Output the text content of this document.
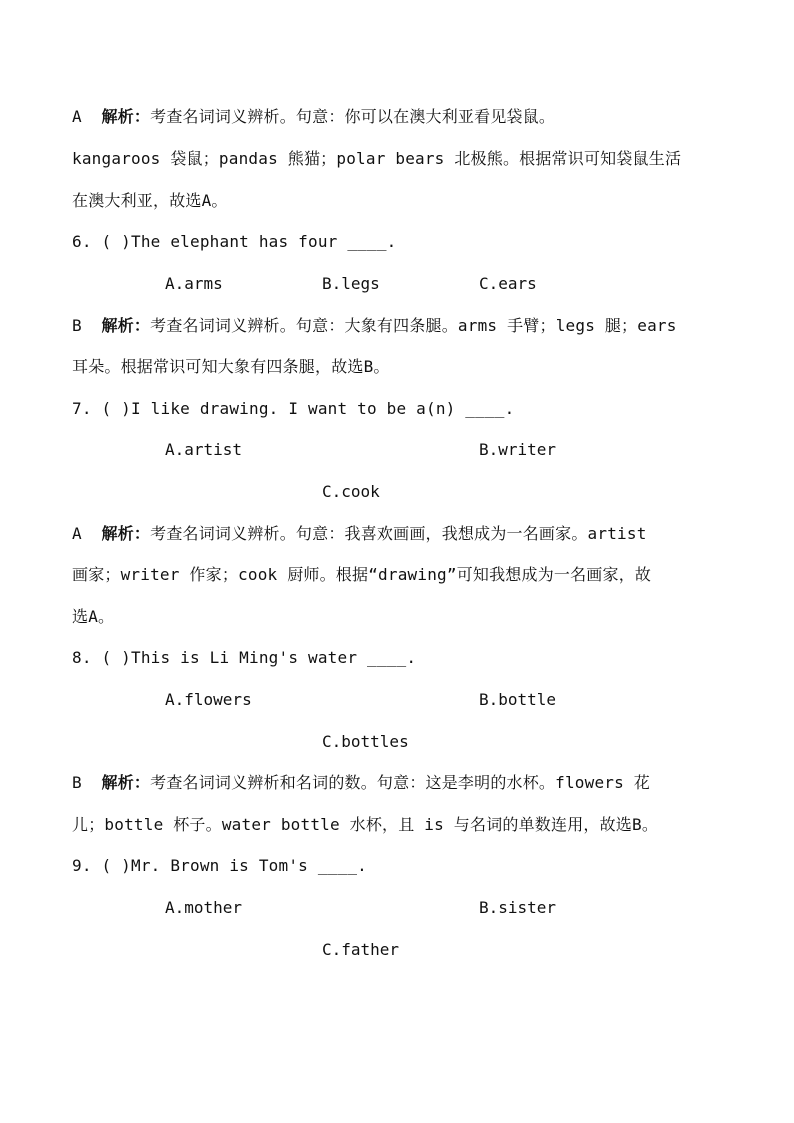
A 解析：考查名词词义辨析。句意：你可以在澳大利亚看见袋鼠。
kangaroos 袋鼠；pandas 熊猫；polar bears 北极熊。根据常识可知袋鼠生活
在澳大利亚，故选A。
6. ( )The elephant has four ____.
A.arms	B.legs	C.ears
B 解析：考查名词词义辨析。句意：大象有四条腿。arms 手臂；legs 腿；ears
耳朵。根据常识可知大象有四条腿，故选B。
7. ( )I like drawing. I want to be a(n) ____.
A.artist	B.writer
C.cook
A 解析：考查名词词义辨析。句意：我喜欢画画，我想成为一名画家。artist
画家；writer 作家；cook 厨师。根据“drawing”可知我想成为一名画家，故
选A。
8. ( )This is Li Ming's water ____.
A.flowers	B.bottle
C.bottles
B 解析：考查名词词义辨析和名词的数。句意：这是李明的水杯。flowers 花
儿；bottle 杯子。water bottle 水杯，且 is 与名词的单数连用，故选B。
9. ( )Mr. Brown is Tom's ____.
A.mother	B.sister
C.father
